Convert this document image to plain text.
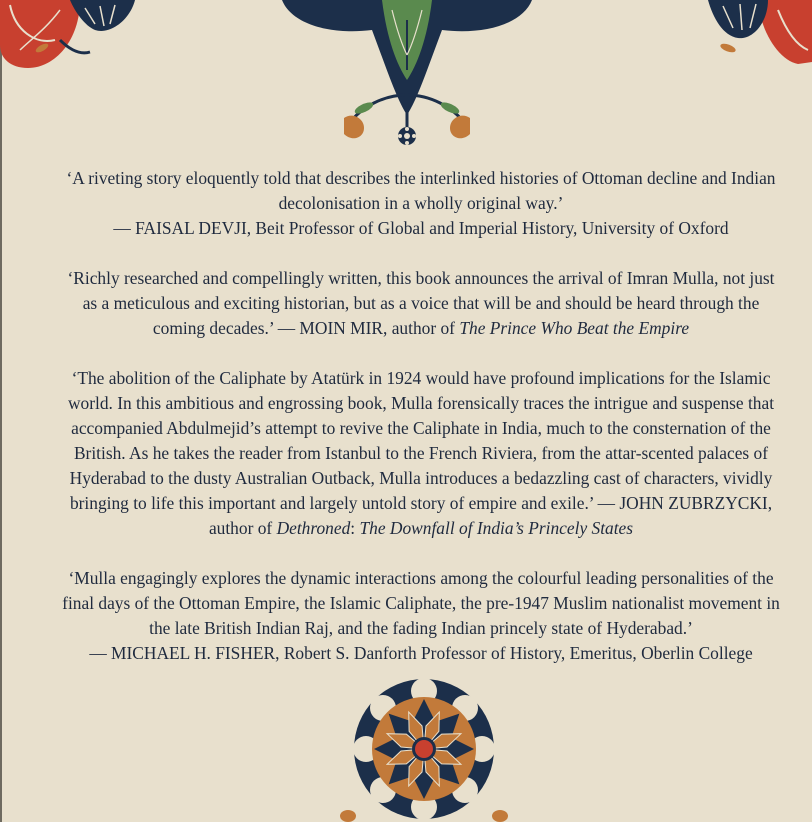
‘A riveting story eloquently told that describes the interlinked histories of Ottoman decline and Indian decolonisation in a wholly original way.’

— FAISAL DEVJI, Beit Professor of Global and Imperial History, University of Oxford

‘Richly researched and compellingly written, this book announces the arrival of Imran Mulla, not just as a meticulous and exciting historian, but as a voice that will be and should be heard through the coming decades.’ — MOIN MIR, author of The Prince Who Beat the Empire

‘The abolition of the Caliphate by Atatürk in 1924 would have profound implications for the Islamic world. In this ambitious and engrossing book, Mulla forensically traces the intrigue and suspense that accompanied Abdulmejid’s attempt to revive the Caliphate in India, much to the consternation of the British. As he takes the reader from Istanbul to the French Riviera, from the attar-scented palaces of Hyderabad to the dusty Australian Outback, Mulla introduces a bedazzling cast of characters, vividly bringing to life this important and largely untold story of empire and exile.’ — JOHN ZUBRZYCKI, author of Dethroned: The Downfall of India’s Princely States

‘Mulla engagingly explores the dynamic interactions among the colourful leading personalities of the final days of the Ottoman Empire, the Islamic Caliphate, the pre-1947 Muslim nationalist movement in the late British Indian Raj, and the fading Indian princely state of Hyderabad.’

— MICHAEL H. FISHER, Robert S. Danforth Professor of History, Emeritus, Oberlin College
